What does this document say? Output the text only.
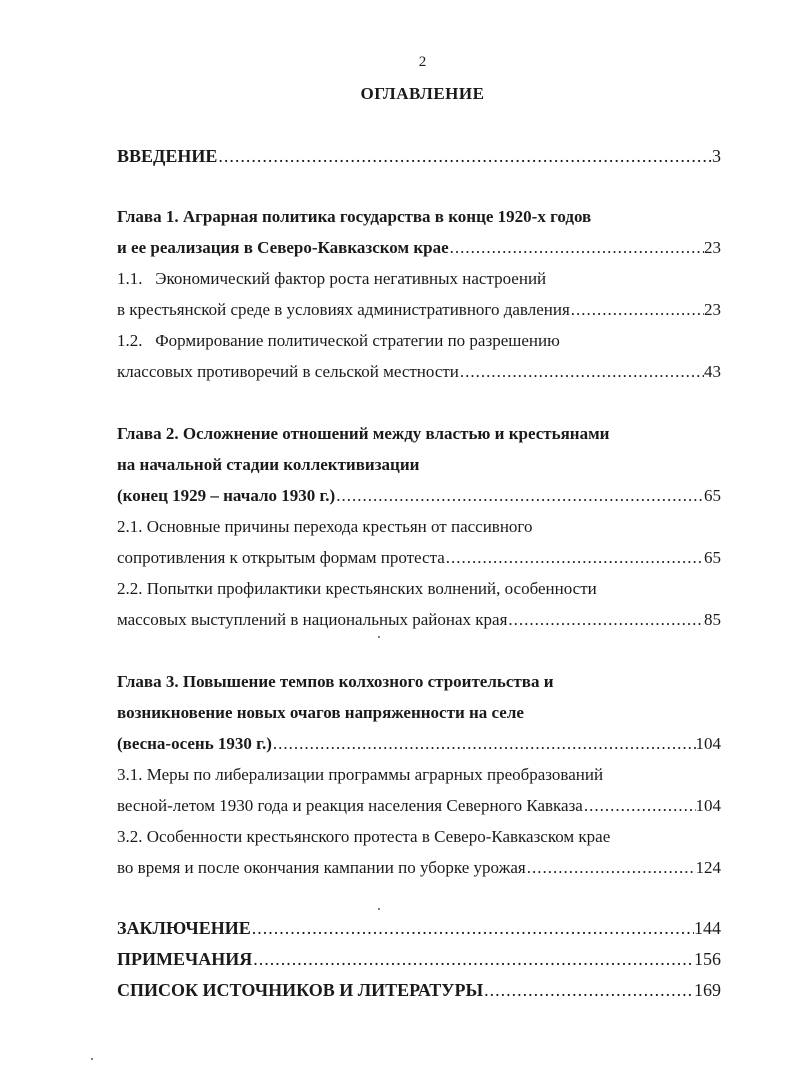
2
ОГЛАВЛЕНИЕ
ВВЕДЕНИЕ .....	3
Глава 1. Аграрная политика государства в конце 1920-х годов
и ее реализация в Северо-Кавказском крае .....	23
1.1.   Экономический фактор роста негативных настроений
в крестьянской среде в условиях административного давления .....	23
1.2.   Формирование политической стратегии по разрешению
классовых противоречий в сельской местности .....	43
Глава 2. Осложнение отношений между властью и крестьянами
на начальной стадии коллективизации
(конец 1929 – начало 1930 г.) .....	65
2.1. Основные причины перехода крестьян от пассивного
сопротивления к открытым формам протеста .....	65
2.2. Попытки профилактики крестьянских волнений, особенности
массовых выступлений в национальных районах края .....	85
Глава 3. Повышение темпов колхозного строительства и
возникновение новых очагов напряженности на селе
(весна-осень 1930 г.) .....	104
3.1. Меры по либерализации программы аграрных преобразований
весной-летом 1930 года и реакция населения Северного Кавказа .....	104
3.2. Особенности крестьянского протеста в Северо-Кавказском крае
во время и после окончания кампании по уборке урожая .....	124
ЗАКЛЮЧЕНИЕ .....	144
ПРИМЕЧАНИЯ .....	156
СПИСОК ИСТОЧНИКОВ И ЛИТЕРАТУРЫ .....	169
